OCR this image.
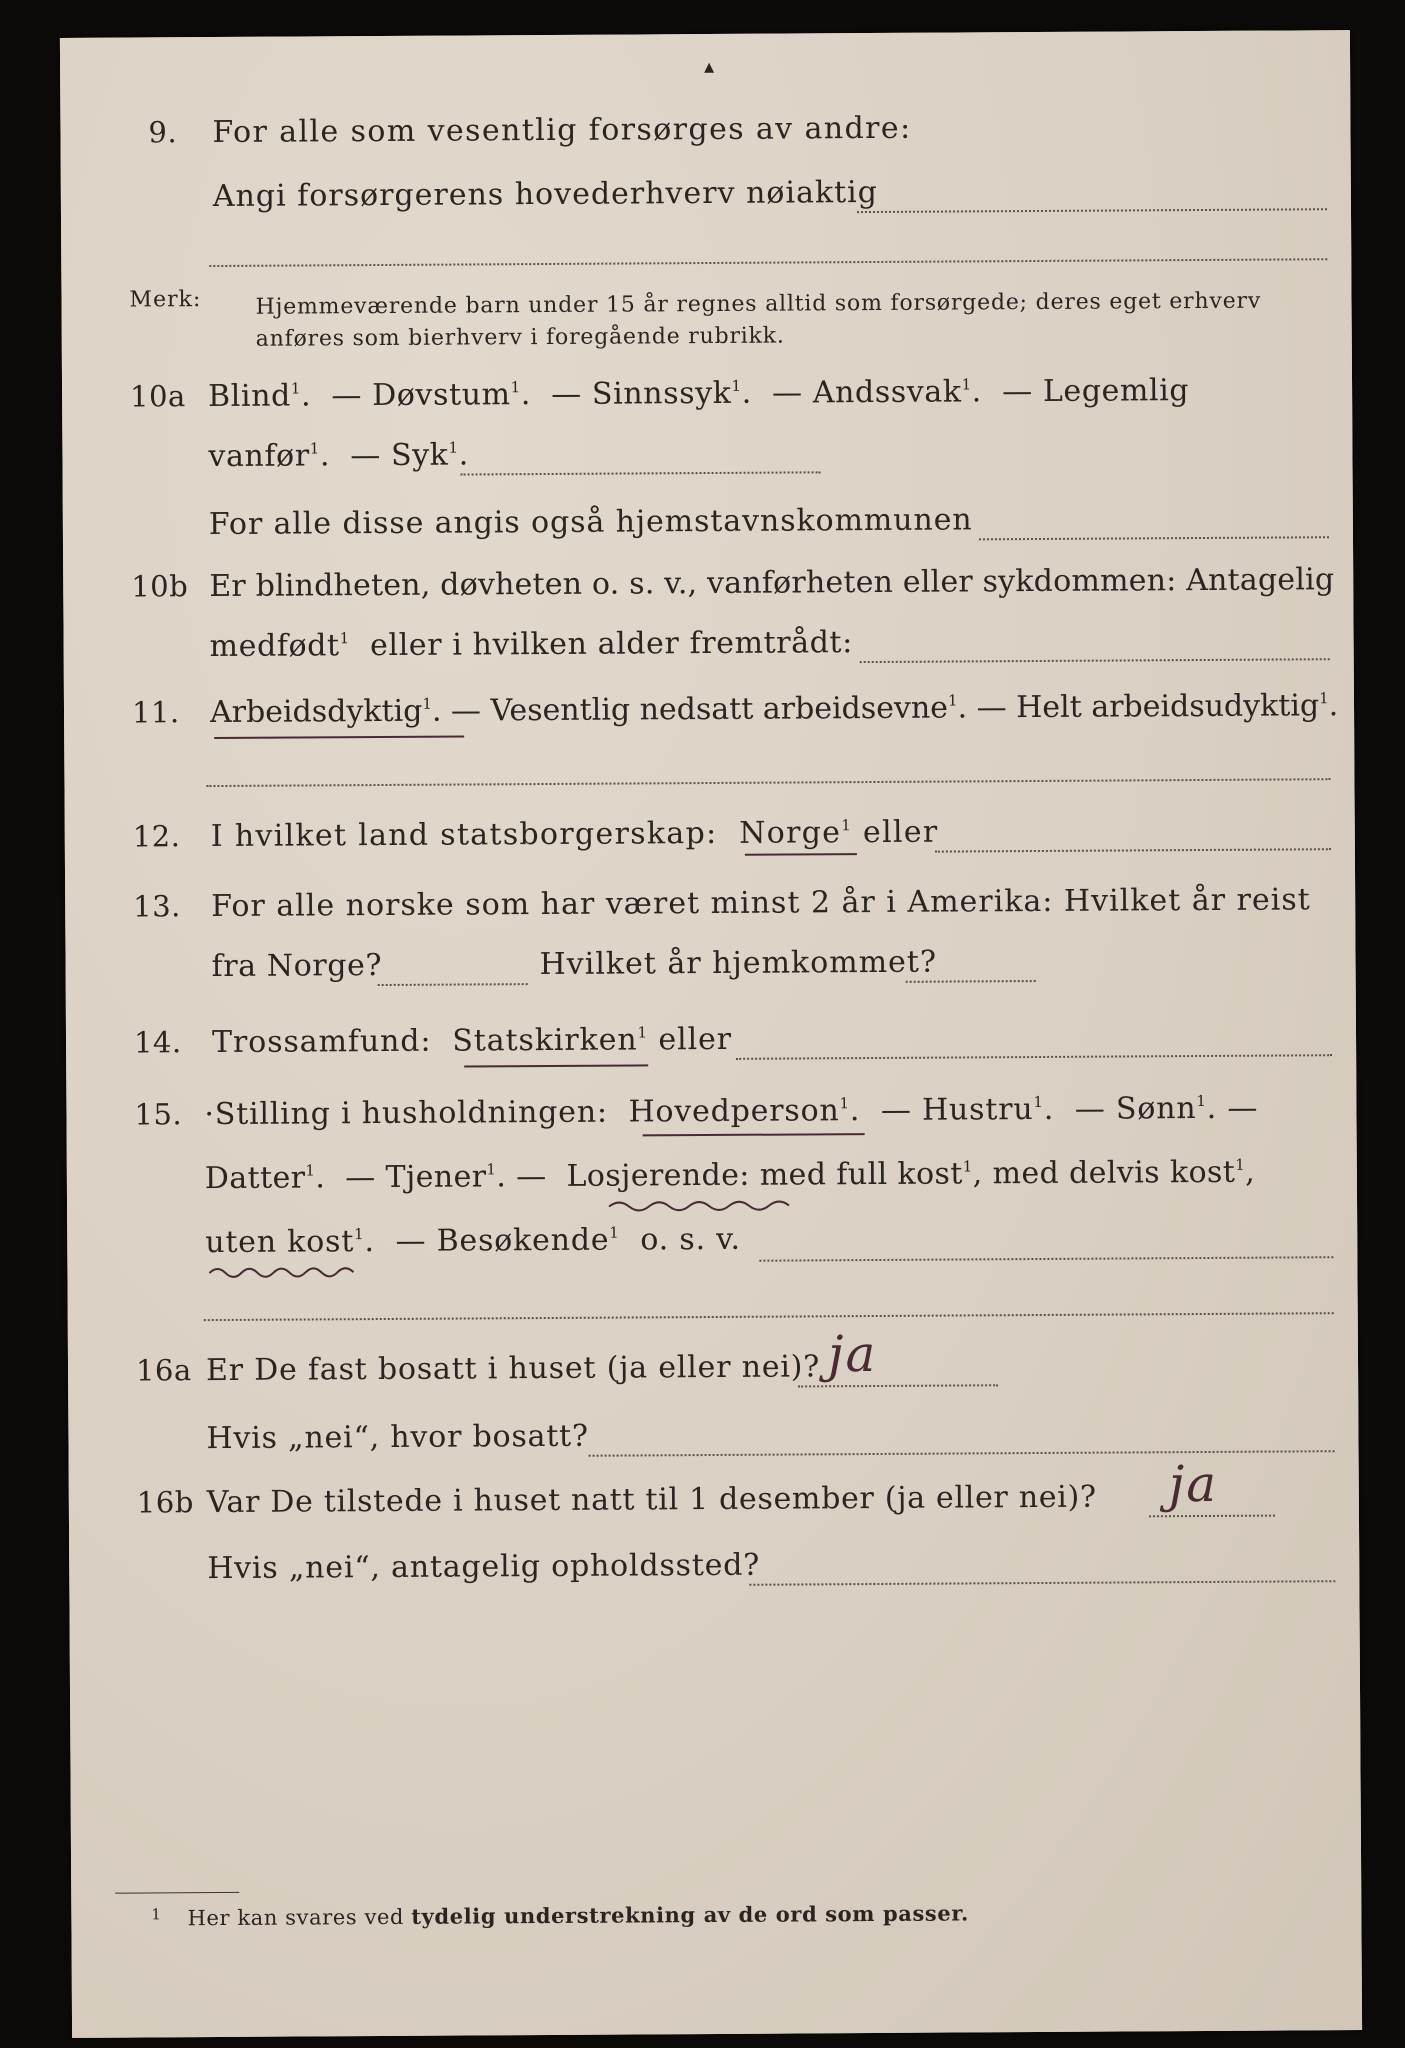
▴
9. For alle som vesentlig forsørges av andre:
Angi forsørgerens hovederhverv nøiaktig
Merk: Hjemmeværende barn under 15 år regnes alltid som forsørgede; deres eget erhverv
anføres som bierhverv i foregående rubrikk.
10a Blind$^1$.  — Døvstum$^1$.  — Sinnssyk$^1$.  — Andssvak$^1$.  — Legemlig
vanfør$^1$.  — Syk$^1$.
For alle disse angis også hjemstavnskommunen
10b Er blindheten, døvheten o. s. v., vanførheten eller sykdommen: Antagelig
medfødt$^1$ eller i hvilken alder fremtrådt:
11. Arbeidsdyktig$^1$. — Vesentlig nedsatt arbeidsevne$^1$. — Helt arbeidsudyktig$^1$.
12. I hvilket land statsborgerskap: Norge$^1$ eller
13. For alle norske som har været minst 2 år i Amerika: Hvilket år reist
fra Norge?	Hvilket år hjemkommet?
14. Trossamfund: Statskirken$^1$ eller
15. ·Stilling i husholdningen: Hovedperson$^1$.  — Hustru$^1$.  — Sønn$^1$. —
Datter$^1$.  — Tjener$^1$. — Losjerende: med full kost$^1$, med delvis kost$^1$,
uten kost$^1$.  — Besøkende$^1$ o. s. v.
16a Er De fast bosatt i huset (ja eller nei)? ja
Hvis „nei“, hvor bosatt?
16b Var De tilstede i huset natt til 1 desember (ja eller nei)? ja
Hvis „nei“, antagelig opholdssted?
$^1$ Her kan svares ved tydelig understrekning av de ord som passer.
